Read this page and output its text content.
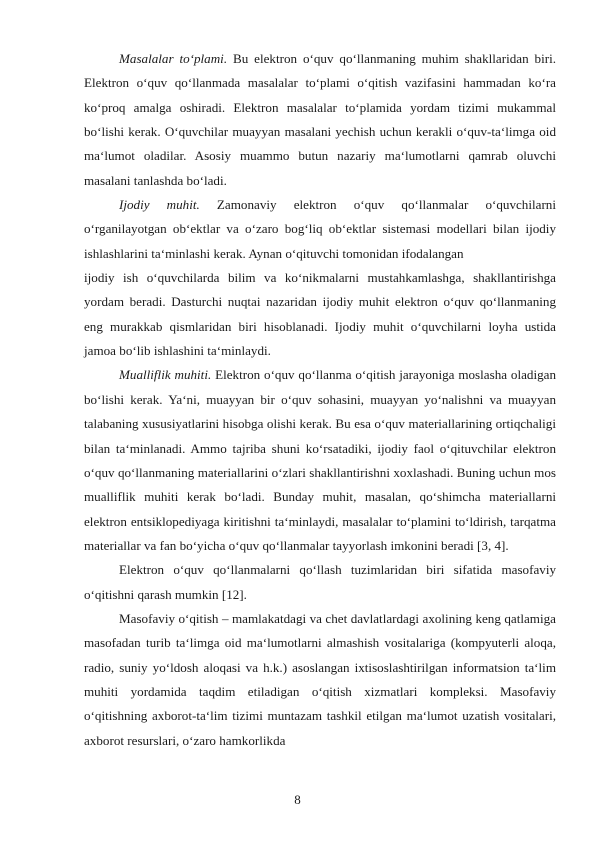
Masalalar to‘plami. Bu elektron o‘quv qo‘llanmaning muhim shakllaridan biri. Elektron o‘quv qo‘llanmada masalalar to‘plami o‘qitish vazifasini hammadan ko‘ra ko‘proq amalga oshiradi. Elektron masalalar to‘plamida yordam tizimi mukammal bo‘lishi kerak. O‘quvchilar muayyan masalani yechish uchun kerakli o‘quv-ta‘limga oid ma‘lumot oladilar. Asosiy muammo butun nazariy ma‘lumotlarni qamrab oluvchi masalani tanlashda bo‘ladi.

Ijodiy muhit. Zamonaviy elektron o‘quv qo‘llanmalar o‘quvchilarni o‘rganilayotgan ob‘ektlar va o‘zaro bog‘liq ob‘ektlar sistemasi modellari bilan ijodiy ishlashlarini ta‘minlashi kerak. Aynan o‘qituvchi tomonidan ifodalangan

ijodiy ish o‘quvchilarda bilim va ko‘nikmalarni mustahkamlashga, shakllantirishga yordam beradi. Dasturchi nuqtai nazaridan ijodiy muhit elektron o‘quv qo‘llanmaning eng murakkab qismlaridan biri hisoblanadi. Ijodiy muhit o‘quvchilarni loyha ustida jamoa bo‘lib ishlashini ta‘minlaydi.

Mualliflik muhiti. Elektron o‘quv qo‘llanma o‘qitish jarayoniga moslasha oladigan bo‘lishi kerak. Ya‘ni, muayyan bir o‘quv sohasini, muayyan yo‘nalishni va muayyan talabaning xususiyatlarini hisobga olishi kerak. Bu esa o‘quv materiallarining ortiqchaligi bilan ta‘minlanadi. Ammo tajriba shuni ko‘rsatadiki, ijodiy faol o‘qituvchilar elektron o‘quv qo‘llanmaning materiallarini o‘zlari shakllantirishni xoxlashadi. Buning uchun mos mualliflik muhiti kerak bo‘ladi. Bunday muhit, masalan, qo‘shimcha materiallarni elektron entsiklopediyaga kiritishni ta‘minlaydi, masalalar to‘plamini to‘ldirish, tarqatma materiallar va fan bo‘yicha o‘quv qo‘llanmalar tayyorlash imkonini beradi [3, 4].

Elektron o‘quv qo‘llanmalarni qo‘llash tuzimlaridan biri sifatida masofaviy o‘qitishni qarash mumkin [12].

Masofaviy o‘qitish – mamlakatdagi va chet davlatlardagi axolining keng qatlamiga masofadan turib ta‘limga oid ma‘lumotlarni almashish vositalariga (kompyuterli aloqa, radio, suniy yo‘ldosh aloqasi va h.k.) asoslangan ixtisoslashtirilgan informatsion ta‘lim muhiti yordamida taqdim etiladigan o‘qitish xizmatlari kompleksi. Masofaviy o‘qitishning axborot-ta‘lim tizimi muntazam tashkil etilgan ma‘lumot uzatish vositalari, axborot resurslari, o‘zaro hamkorlikda

8
